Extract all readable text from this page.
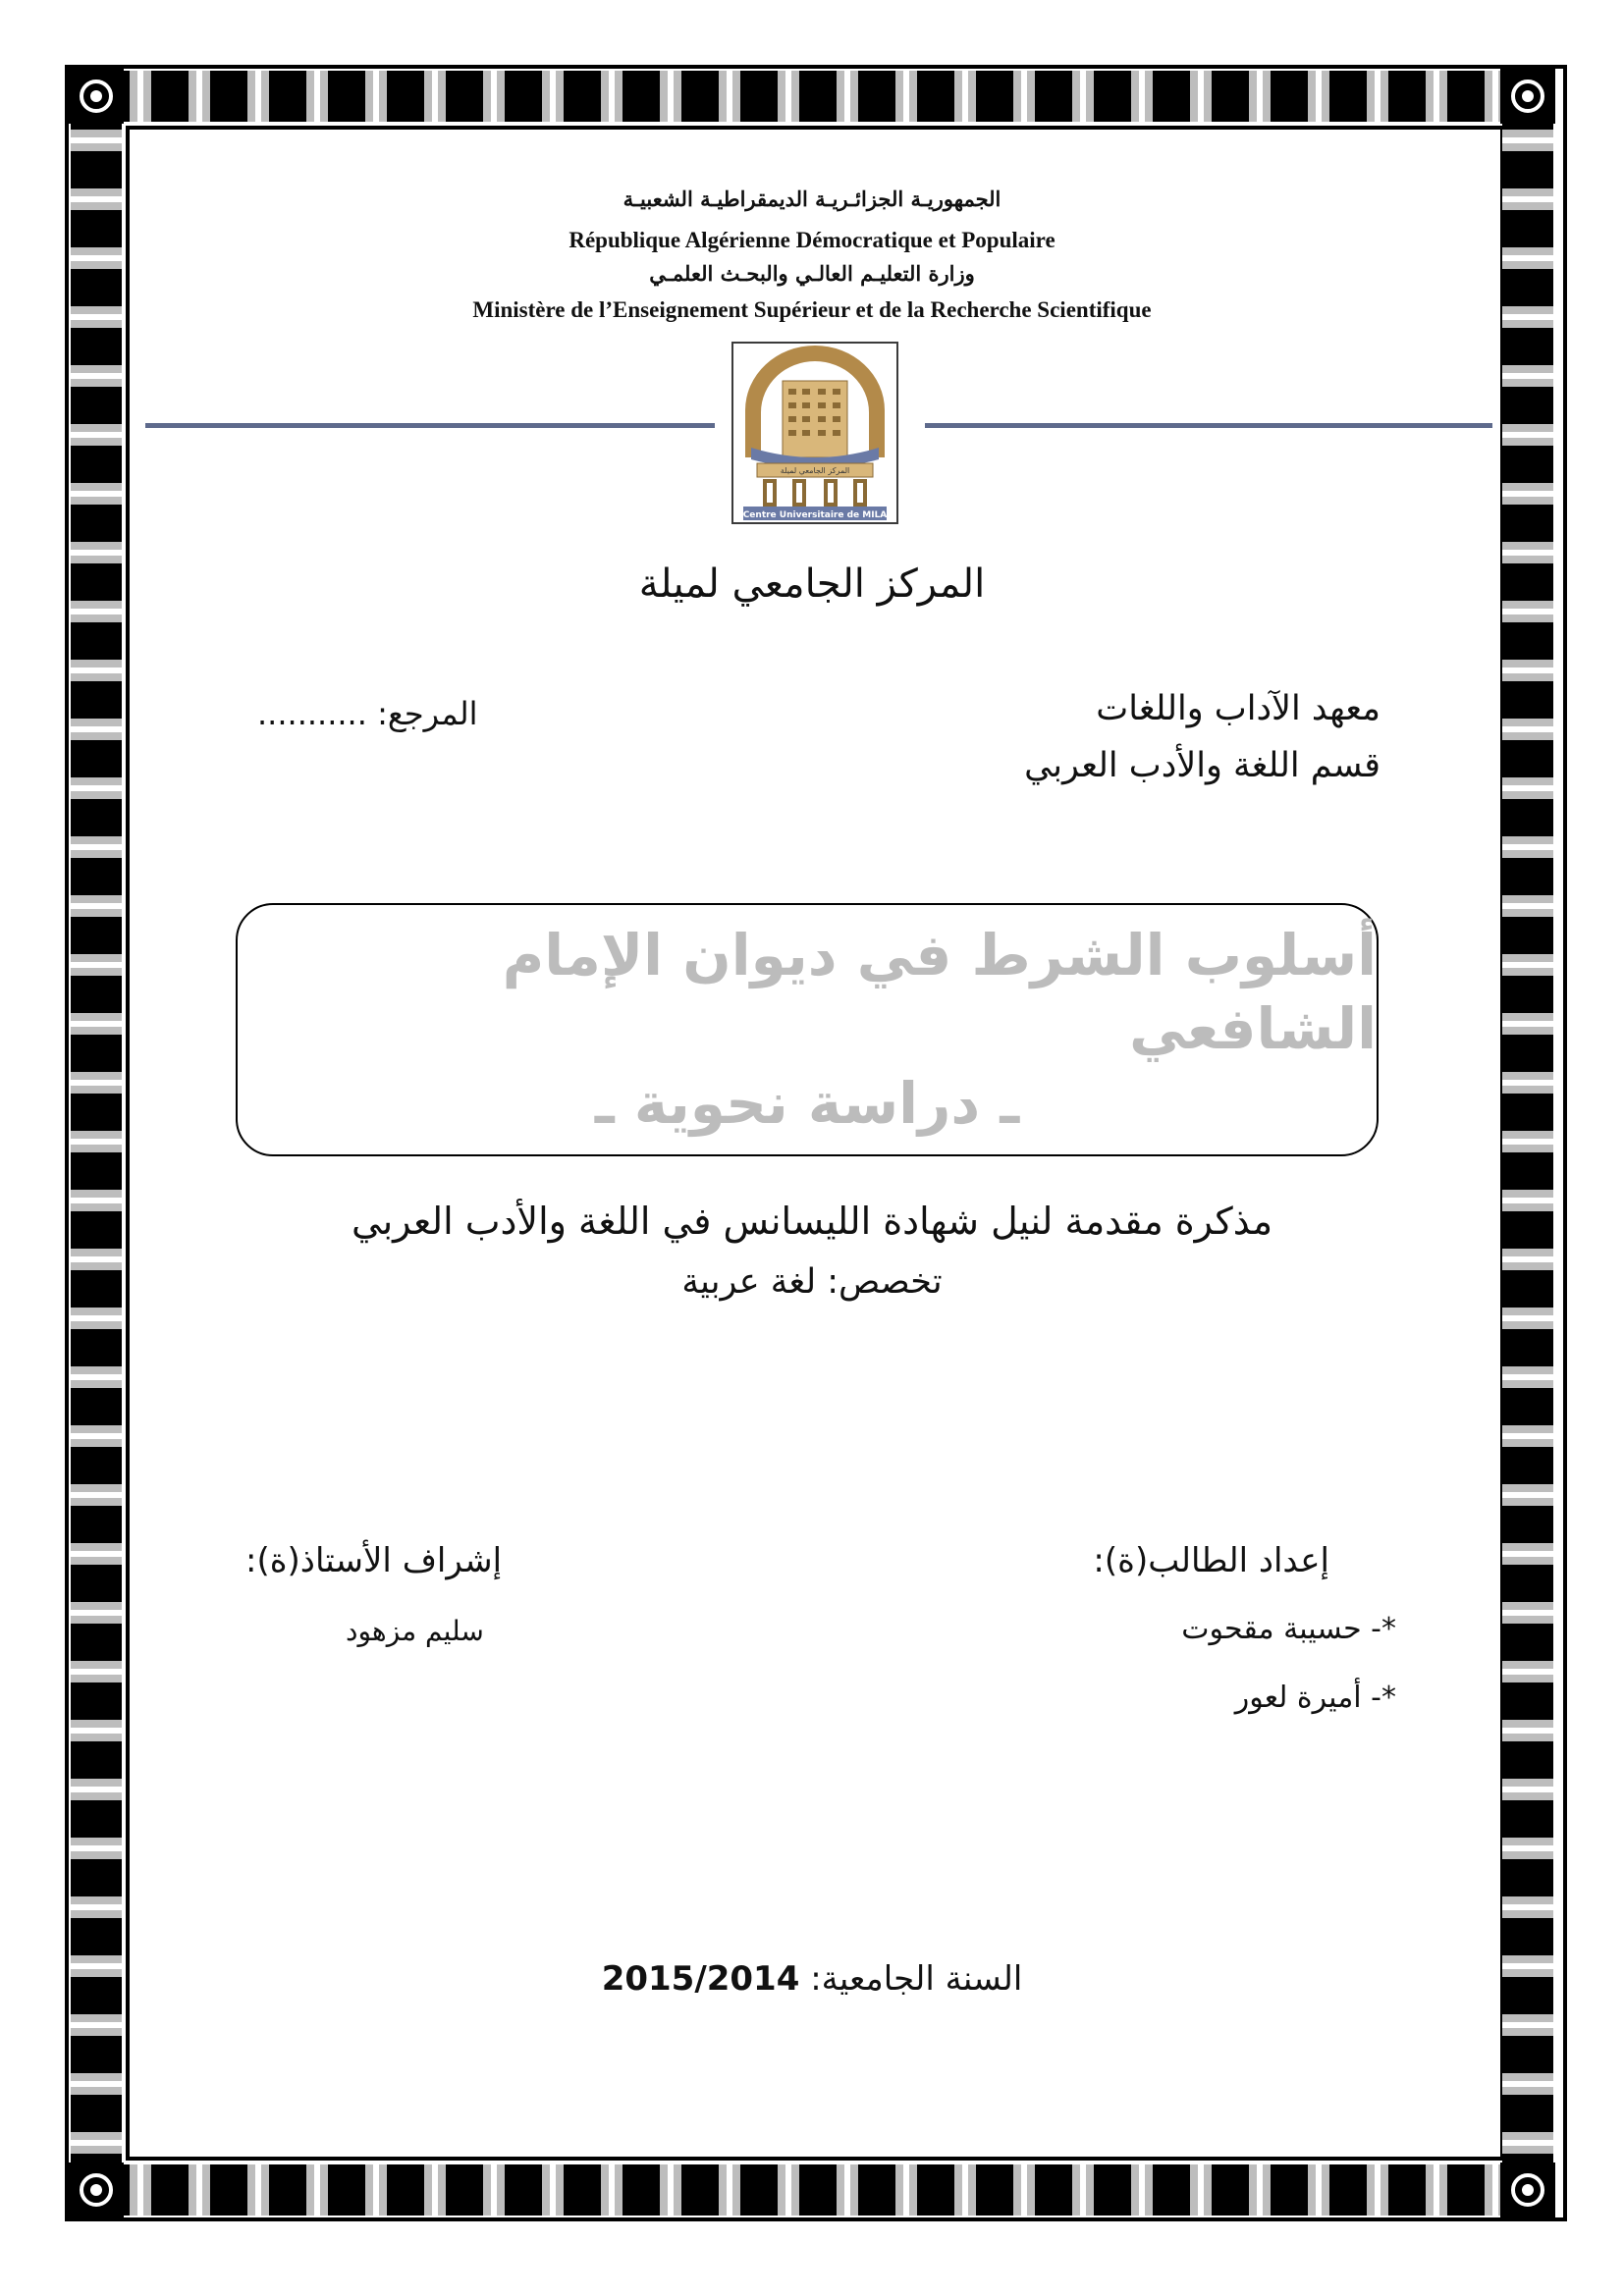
الجمهوريـة الجزائـريـة الديمقراطيـة الشعبيـة
République Algérienne Démocratique et Populaire
وزارة التعليـم العالـي والبحـث العلمـي
Ministère de l’Enseignement Supérieur et de la Recherche Scientifique
المركز الجامعي لميلة
Centre Universitaire de MILA
المركز الجامعي لميلة
معهد الآداب واللغات
قسم اللغة والأدب العربي
المرجع: ...........
أسلوب الشرط في ديوان الإمام الشافعي
ـ دراسة نحوية ـ
مذكرة مقدمة لنيل شهادة الليسانس في اللغة والأدب العربي
تخصص: لغة عربية
إعداد الطالب(ة):
*- حسيبة مقحوت
*- أميرة لعور
إشراف الأستاذ(ة):
سليم مزهود
السنة الجامعية: 2015/2014
